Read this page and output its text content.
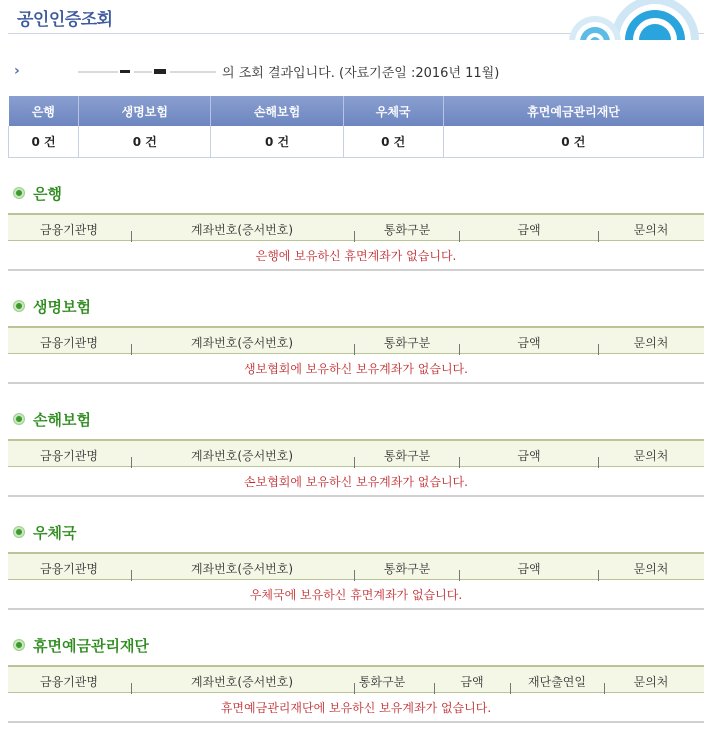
공인인증조회
›	의 조회 결과입니다. (자료기준일 :2016년 11월)
은행	생명보험	손해보험	우체국	휴면예금관리재단
0 건	0 건	0 건	0 건	0 건
은행
금융기관명	계좌번호(증서번호)	통화구분	금액	문의처
은행에 보유하신 휴면계좌가 없습니다.
생명보험
금융기관명	계좌번호(증서번호)	통화구분	금액	문의처
생보협회에 보유하신 보유계좌가 없습니다.
손해보험
금융기관명	계좌번호(증서번호)	통화구분	금액	문의처
손보협회에 보유하신 보유계좌가 없습니다.
우체국
금융기관명	계좌번호(증서번호)	통화구분	금액	문의처
우체국에 보유하신 휴면계좌가 없습니다.
휴면예금관리재단
금융기관명	계좌번호(증서번호)	통화구분	금액	재단출연일	문의처
휴면예금관리재단에 보유하신 보유계좌가 없습니다.
